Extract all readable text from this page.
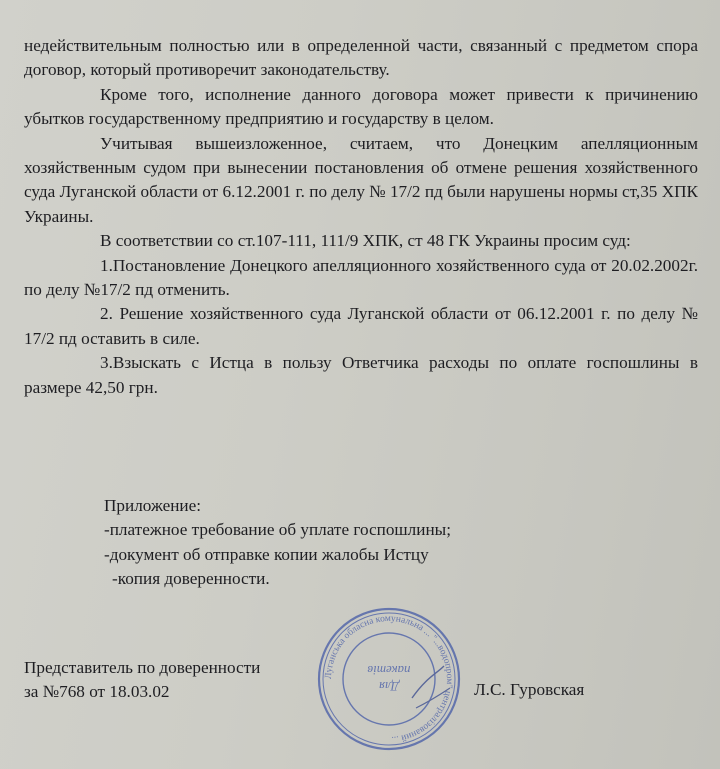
недействительным полностью или в определенной части, связанный с предметом спора договор, который противоречит законодательству.

Кроме того, исполнение данного договора может привести к причинению убытков государственному предприятию и государству в целом.

Учитывая вышеизложенное, считаем, что Донецким апелляционным хозяйственным судом при вынесении постановления об отмене решения хозяйственного суда Луганской области от 6.12.2001 г. по делу № 17/2 пд были нарушены нормы ст,35 ХПК Украины.

В соответствии со ст.107-111, 111/9 ХПК, ст 48 ГК Украины просим суд:

1.Постановление Донецкого апелляционного хозяйственного суда от 20.02.2002г. по делу №17/2 пд отменить.

2. Решение хозяйственного суда Луганской области от 06.12.2001 г. по делу № 17/2 пд оставить в силе.

3.Взыскать с Истца в пользу Ответчика расходы по оплате госпошлины в размере 42,50 грн.

Приложение:
-платежное требование об уплате госпошлины;
-документ об отправке копии жалобы Истцу
-копия доверенности.
Представитель по доверенности
за №768 от 18.03.02
Луганська обласна комунальна ... "...водопром" централізований ...
Для
пакетів
Л.С. Гуровская
